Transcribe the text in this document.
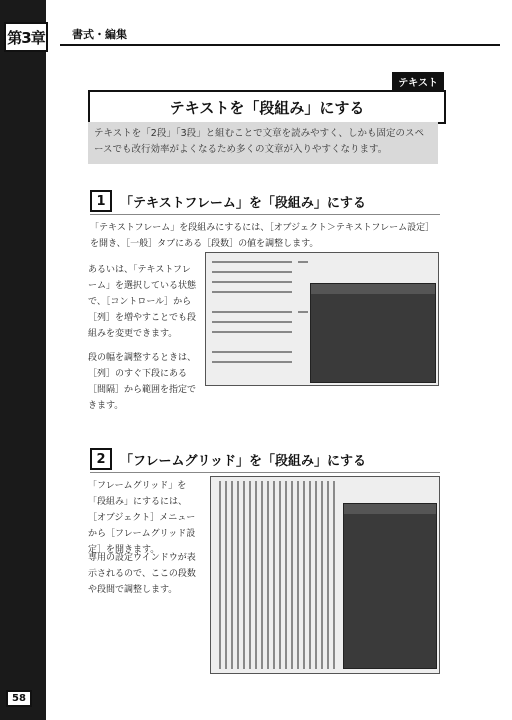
第3章 書式・編集
テキスト
テキストを「段組み」にする
テキストを「2段」「3段」と組むことで文章を読みやすく、しかも固定のスペースでも改行効率がよくなるため多くの文章が入りやすくなります。
1	「テキストフレーム」を「段組み」にする
「テキストフレーム」を段組みにするには、［オブジェクト＞テキストフレーム設定］を開き、［一般］タブにある［段数］の値を調整します。
あるいは、「テキストフレーム」を選択している状態で、［コントロール］から［列］を増やすことでも段組みを変更できます。
段の幅を調整するときは、［列］のすぐ下段にある［間隔］から範囲を指定できます。
2	「フレームグリッド」を「段組み」にする
「フレームグリッド」を「段組み」にするには、［オブジェクト］メニューから［フレームグリッド設定］を開きます。
専用の設定ウインドウが表示されるので、ここの段数や段間で調整します。
58
